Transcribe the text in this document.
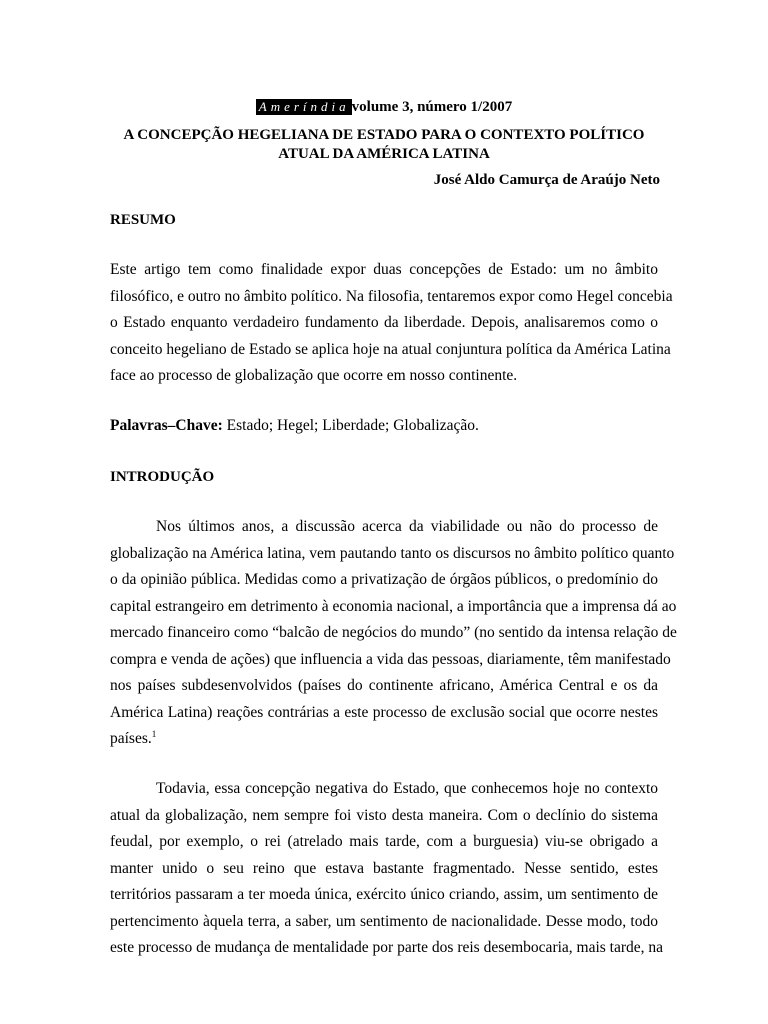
Ameríndia volume 3, número 1/2007
A CONCEPÇÃO HEGELIANA DE ESTADO PARA O CONTEXTO POLÍTICO
ATUAL DA AMÉRICA LATINA
José Aldo Camurça de Araújo Neto
RESUMO
Este artigo tem como finalidade expor duas concepções de Estado: um no âmbito
filosófico, e outro no âmbito político. Na filosofia, tentaremos expor como Hegel concebia
o Estado enquanto verdadeiro fundamento da liberdade. Depois, analisaremos como o
conceito hegeliano de Estado se aplica hoje na atual conjuntura política da América Latina
face ao processo de globalização que ocorre em nosso continente.
Palavras–Chave: Estado; Hegel; Liberdade; Globalização.
INTRODUÇÃO
Nos últimos anos, a discussão acerca da viabilidade ou não do processo de
globalização na América latina, vem pautando tanto os discursos no âmbito político quanto
o da opinião pública. Medidas como a privatização de órgãos públicos, o predomínio do
capital estrangeiro em detrimento à economia nacional, a importância que a imprensa dá ao
mercado financeiro como “balcão de negócios do mundo” (no sentido da intensa relação de
compra e venda de ações) que influencia a vida das pessoas, diariamente, têm manifestado
nos países subdesenvolvidos (países do continente africano, América Central e os da
América Latina) reações contrárias a este processo de exclusão social que ocorre nestes
países.$^1$
Todavia, essa concepção negativa do Estado, que conhecemos hoje no contexto
atual da globalização, nem sempre foi visto desta maneira. Com o declínio do sistema
feudal, por exemplo, o rei (atrelado mais tarde, com a burguesia) viu-se obrigado a
manter unido o seu reino que estava bastante fragmentado. Nesse sentido, estes
territórios passaram a ter moeda única, exército único criando, assim, um sentimento de
pertencimento àquela terra, a saber, um sentimento de nacionalidade. Desse modo, todo
este processo de mudança de mentalidade por parte dos reis desembocaria, mais tarde, na
